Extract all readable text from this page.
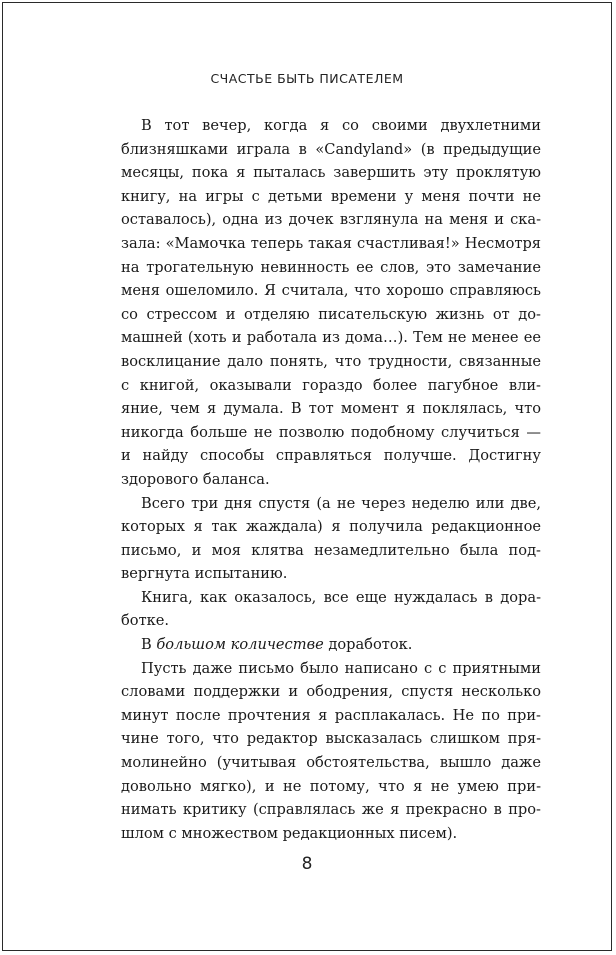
СЧАСТЬЕ БЫТЬ ПИСАТЕЛЕМ
В тот вечер, когда я со своими двухлетними
близняшками играла в «Candyland» (в предыдущие
месяцы, пока я пыталась завершить эту проклятую
книгу, на игры с детьми времени у меня почти не
оставалось), одна из дочек взглянула на меня и ска-
зала: «Мамочка теперь такая счастливая!» Несмотря
на трогательную невинность ее слов, это замечание
меня ошеломило. Я считала, что хорошо справляюсь
со стрессом и отделяю писательскую жизнь от до-
машней (хоть и работала из дома…). Тем не менее ее
восклицание дало понять, что трудности, связанные
с книгой, оказывали гораздо более пагубное вли-
яние, чем я думала. В тот момент я поклялась, что
никогда больше не позволю подобному случиться —
и найду способы справляться получше. Достигну
здорового баланса.
Всего три дня спустя (а не через неделю или две,
которых я так жаждала) я получила редакционное
письмо, и моя клятва незамедлительно была под-
вергнута испытанию.
Книга, как оказалось, все еще нуждалась в дора-
ботке.
В большом количестве доработок.
Пусть даже письмо было написано с с приятными
словами поддержки и ободрения, спустя несколько
минут после прочтения я расплакалась. Не по при-
чине того, что редактор высказалась слишком пря-
молинейно (учитывая обстоятельства, вышло даже
довольно мягко), и не потому, что я не умею при-
нимать критику (справлялась же я прекрасно в про-
шлом с множеством редакционных писем).
8
